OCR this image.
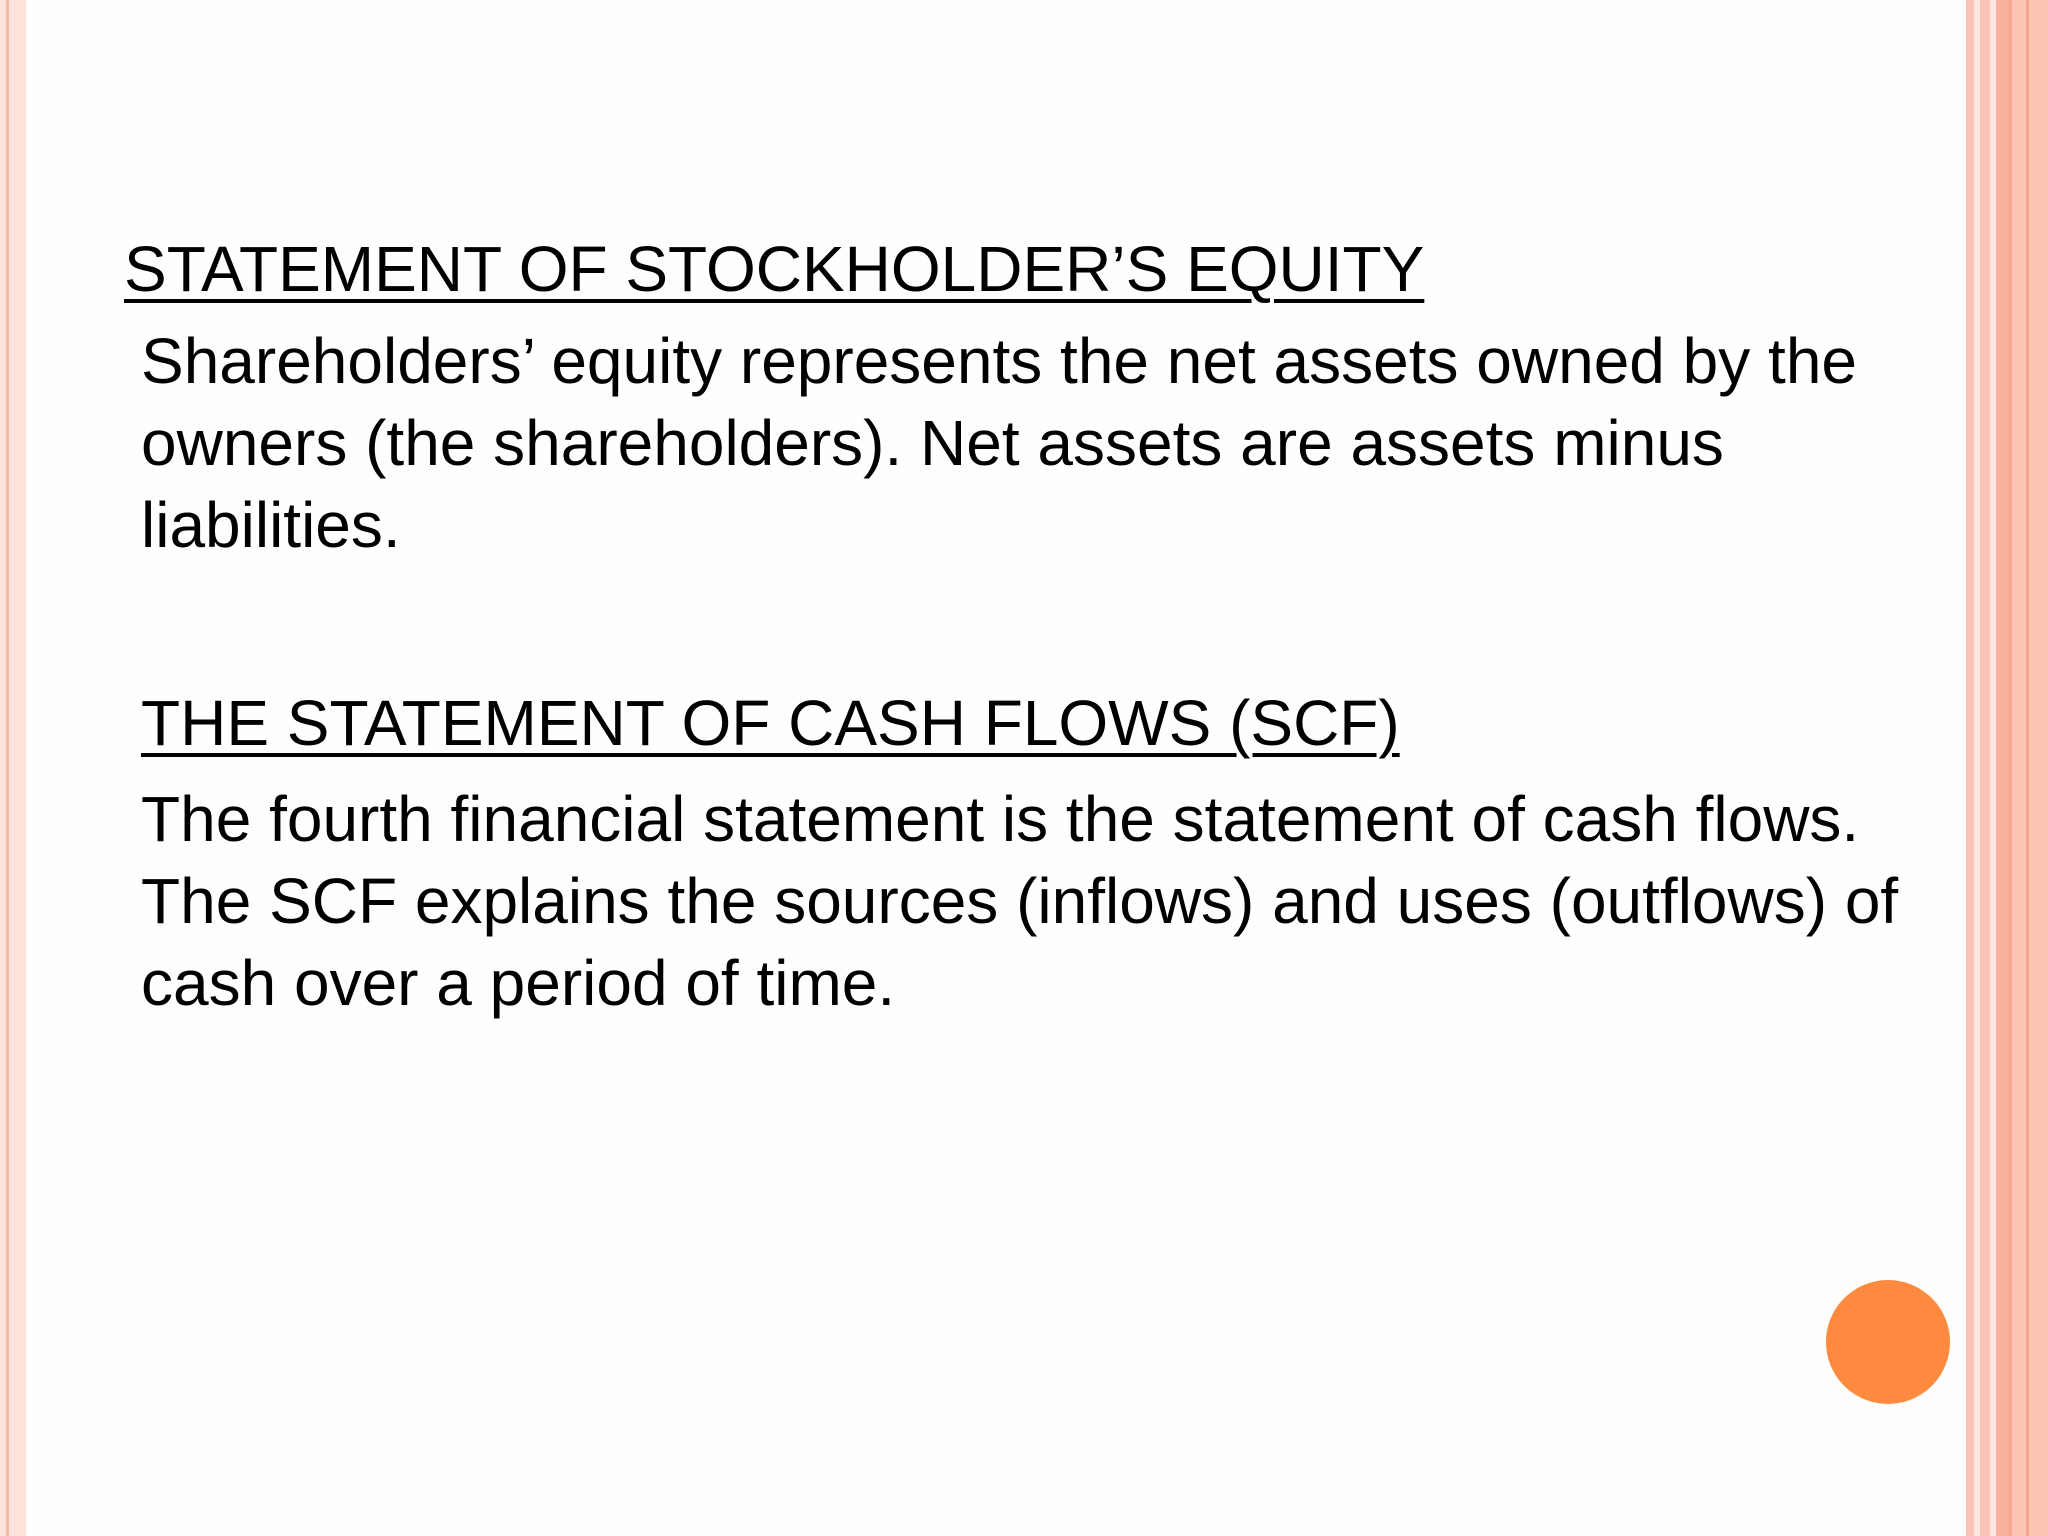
STATEMENT OF STOCKHOLDER’S EQUITY

Shareholders’ equity represents the net assets owned by the owners (the shareholders). Net assets are assets minus liabilities.

THE STATEMENT OF CASH FLOWS (SCF)

The fourth financial statement is the statement of cash flows. The SCF explains the sources (inflows) and uses (outflows) of cash over a period of time.
